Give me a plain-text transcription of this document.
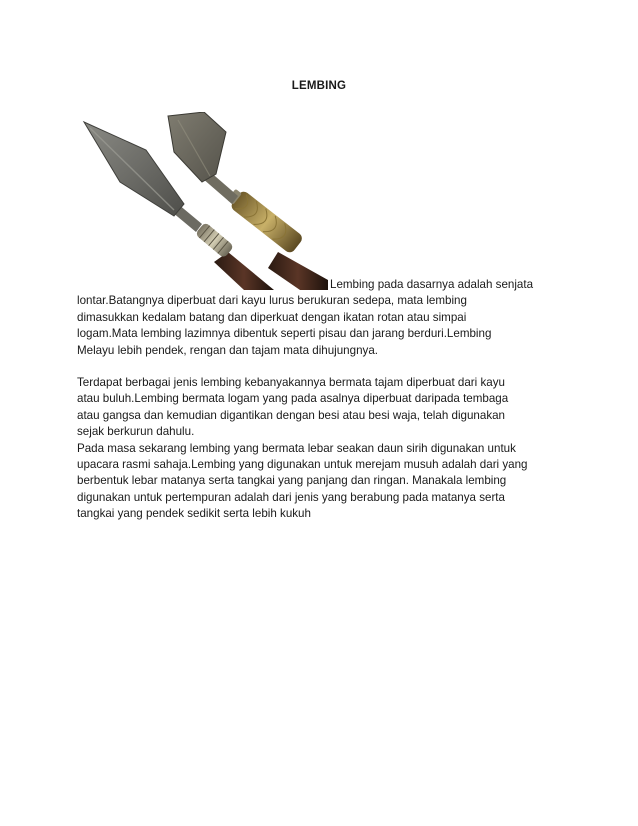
LEMBING
Lembing pada dasarnya adalah senjata
lontar.Batangnya diperbuat dari kayu lurus berukuran sedepa, mata lembing
dimasukkan kedalam batang dan diperkuat dengan ikatan rotan atau simpai
logam.Mata lembing lazimnya dibentuk seperti pisau dan jarang berduri.Lembing
Melayu lebih pendek, rengan dan tajam mata dihujungnya.
Terdapat berbagai jenis lembing kebanyakannya bermata tajam diperbuat dari kayu
atau buluh.Lembing bermata logam yang pada asalnya diperbuat daripada tembaga
atau gangsa dan kemudian digantikan dengan besi atau besi waja, telah digunakan
sejak berkurun dahulu.
Pada masa sekarang lembing yang bermata lebar seakan daun sirih digunakan untuk
upacara rasmi sahaja.Lembing yang digunakan untuk merejam musuh adalah dari yang
berbentuk lebar matanya serta tangkai yang panjang dan ringan. Manakala lembing
digunakan untuk pertempuran adalah dari jenis yang berabung pada matanya serta
tangkai yang pendek sedikit serta lebih kukuh
